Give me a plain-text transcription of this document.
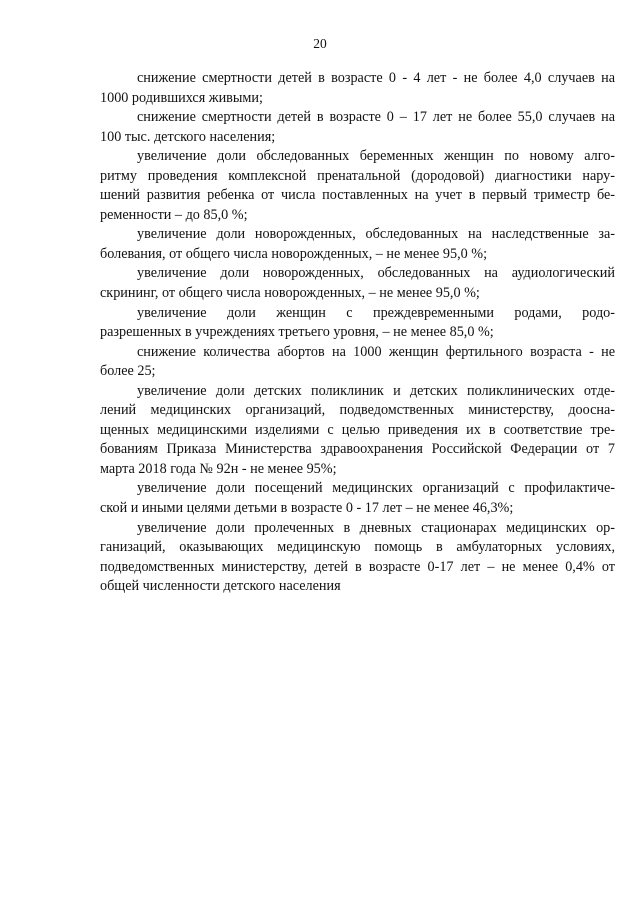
20
снижение смертности детей в возрасте 0 - 4 лет - не более 4,0 случаев на
1000 родившихся живыми;
снижение смертности детей в возрасте 0 – 17 лет не более 55,0 случаев на
100 тыс. детского населения;
увеличение доли обследованных беременных женщин по новому алго-
ритму проведения комплексной пренатальной (дородовой) диагностики нару-
шений развития ребенка от числа поставленных на учет в первый триместр бе-
ременности – до 85,0 %;
увеличение доли новорожденных, обследованных на наследственные за-
болевания, от общего числа новорожденных, – не менее 95,0 %;
увеличение доли новорожденных, обследованных на аудиологический
скрининг, от общего числа новорожденных, – не менее 95,0 %;
увеличение доли женщин с преждевременными родами, родо-
разрешенных в учреждениях третьего уровня, – не менее 85,0 %;
снижение количества абортов на 1000 женщин фертильного возраста - не
более 25;
увеличение доли детских поликлиник и детских поликлинических отде-
лений медицинских организаций, подведомственных министерству, доосна-
щенных медицинскими изделиями с целью приведения их в соответствие тре-
бованиям Приказа Министерства здравоохранения Российской Федерации от 7
марта 2018 года № 92н - не менее 95%;
увеличение доли посещений медицинских организаций с профилактиче-
ской и иными целями детьми в возрасте 0 - 17 лет – не менее 46,3%;
увеличение доли пролеченных в дневных стационарах медицинских ор-
ганизаций, оказывающих медицинскую помощь в амбулаторных условиях,
подведомственных министерству, детей в возрасте 0-17 лет – не менее 0,4% от
общей численности детского населения
